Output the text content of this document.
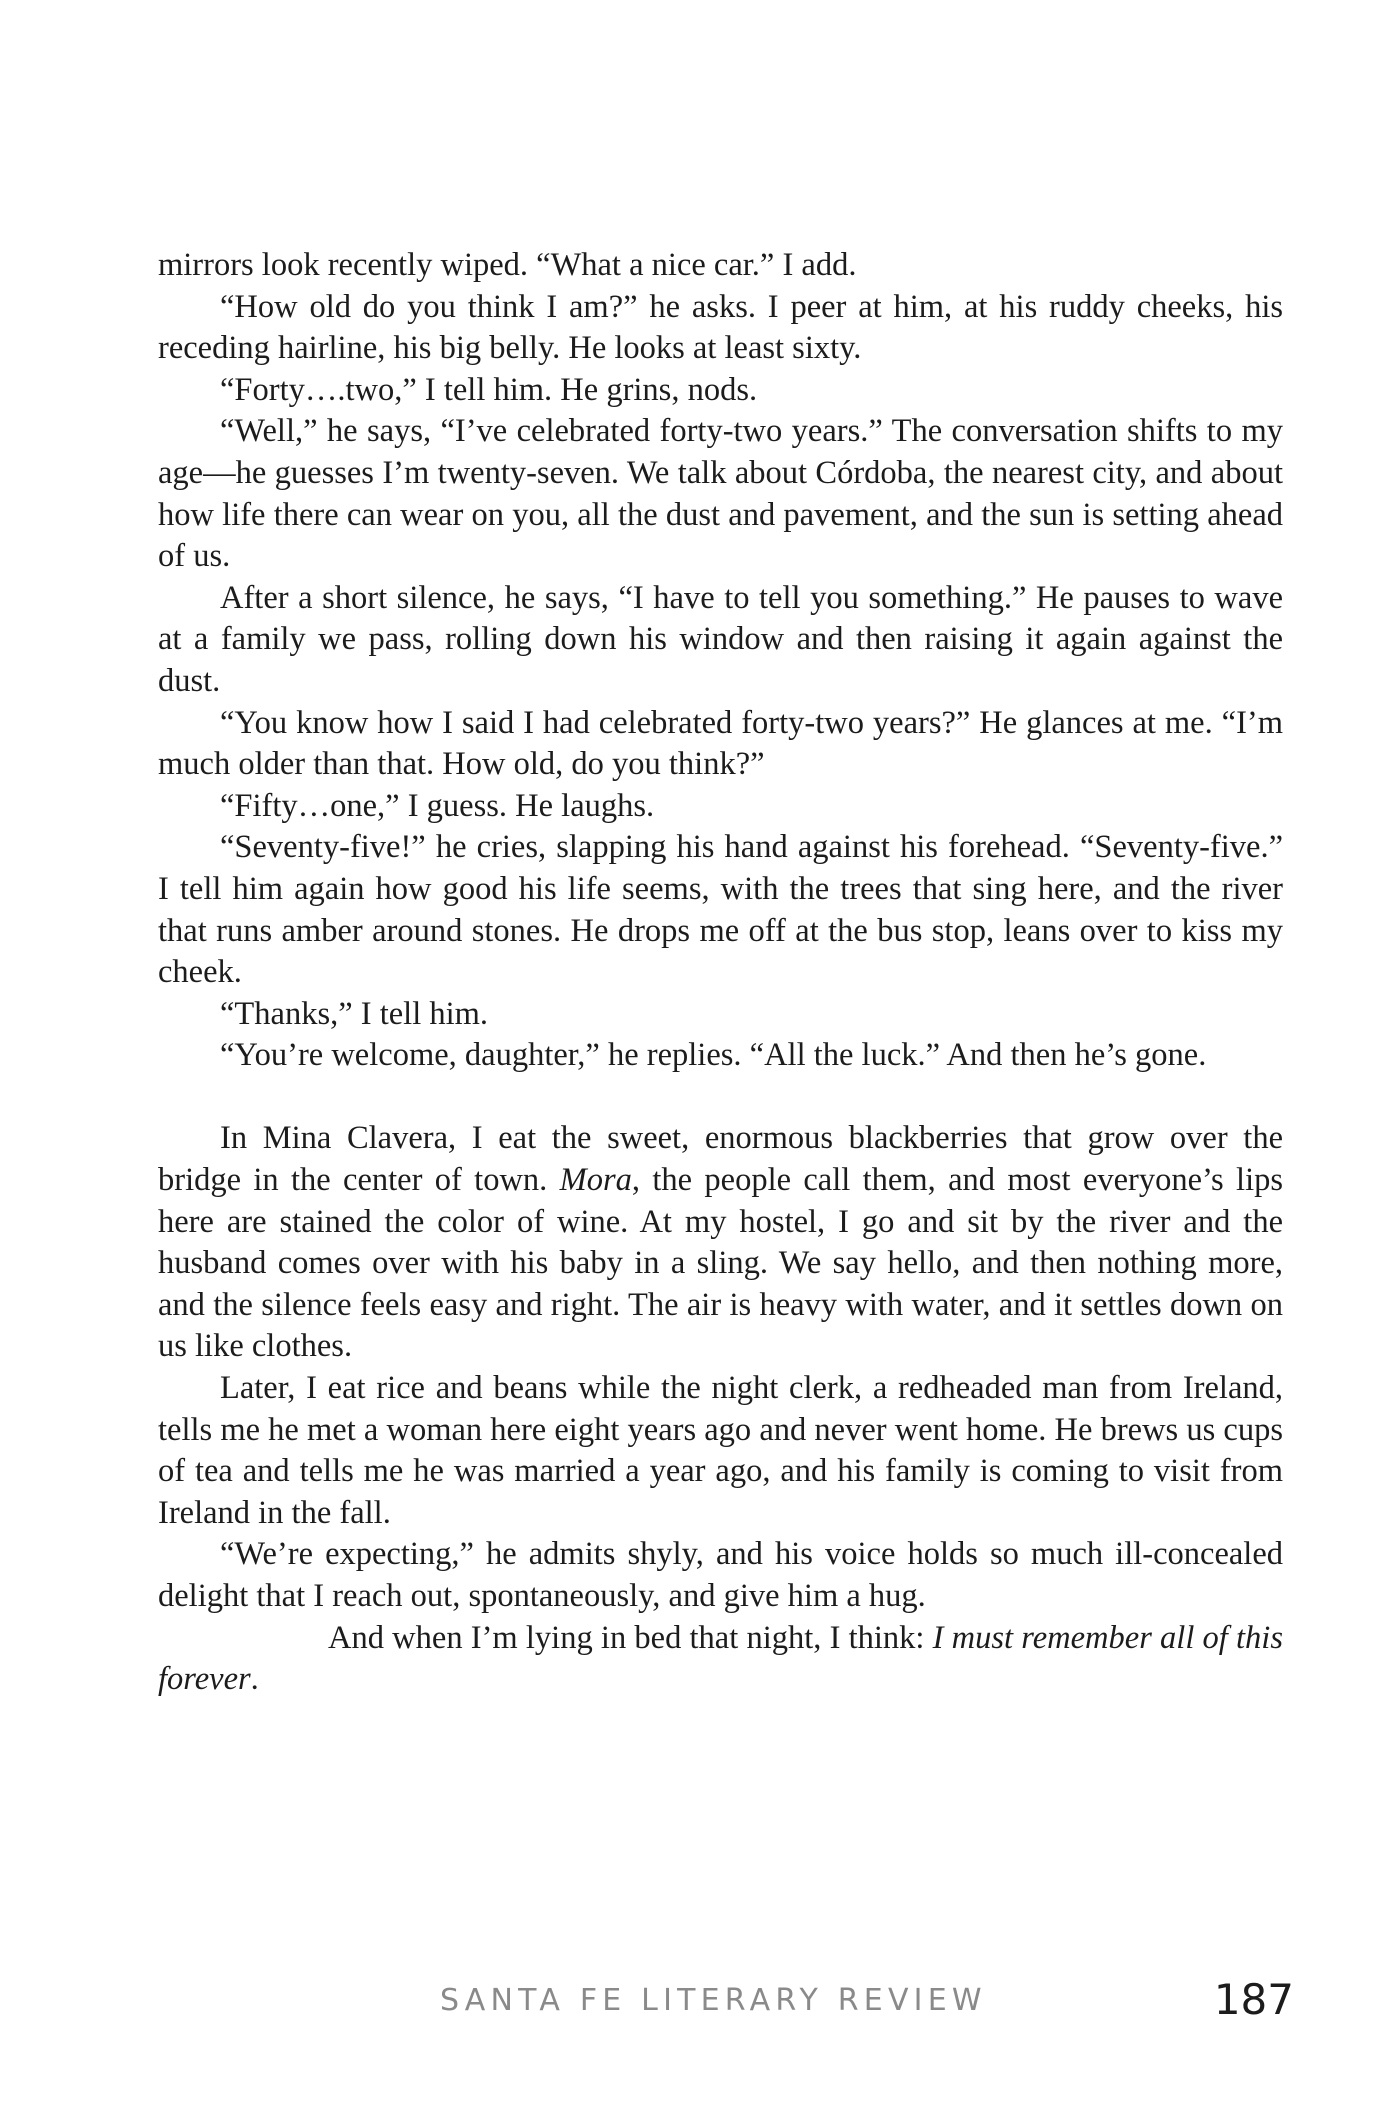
mirrors look recently wiped. “What a nice car.” I add.

“How old do you think I am?” he asks. I peer at him, at his ruddy cheeks, his receding hairline, his big belly. He looks at least sixty.

“Forty….two,” I tell him. He grins, nods.

“Well,” he says, “I’ve celebrated forty-two years.” The conversation shifts to my age—he guesses I’m twenty-seven. We talk about Córdoba, the nearest city, and about how life there can wear on you, all the dust and pavement, and the sun is setting ahead of us.

After a short silence, he says, “I have to tell you something.” He pauses to wave at a family we pass, rolling down his window and then raising it again against the dust.

“You know how I said I had celebrated forty-two years?” He glances at me. “I’m much older than that. How old, do you think?”

“Fifty…one,” I guess. He laughs.

“Seventy-five!” he cries, slapping his hand against his forehead. “Seventy-five.” I tell him again how good his life seems, with the trees that sing here, and the river that runs amber around stones. He drops me off at the bus stop, leans over to kiss my cheek.

“Thanks,” I tell him.

“You’re welcome, daughter,” he replies. “All the luck.” And then he’s gone.

In Mina Clavera, I eat the sweet, enormous blackberries that grow over the bridge in the center of town. Mora, the people call them, and most everyone’s lips here are stained the color of wine. At my hostel, I go and sit by the river and the husband comes over with his baby in a sling. We say hello, and then nothing more, and the silence feels easy and right. The air is heavy with water, and it settles down on us like clothes.

Later, I eat rice and beans while the night clerk, a redheaded man from Ireland, tells me he met a woman here eight years ago and never went home. He brews us cups of tea and tells me he was married a year ago, and his family is coming to visit from Ireland in the fall.

“We’re expecting,” he admits shyly, and his voice holds so much ill-concealed delight that I reach out, spontaneously, and give him a hug.

And when I’m lying in bed that night, I think: I must remember all of this forever.

SANTA FE LITERARY REVIEW	187
